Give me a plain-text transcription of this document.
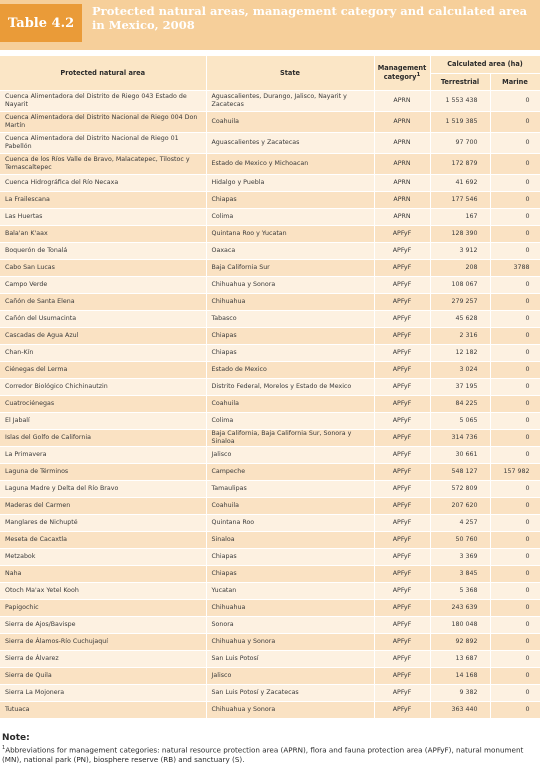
Table 4.2
Protected natural areas, management category and calculated area in Mexico, 2008
Protected natural area	State	Management category$^1$	Calculated area (ha)	
			Terrestrial	Marine
Cuenca Alimentadora del Distrito de Riego 043 Estado de Nayarit	Aguascalientes, Durango, Jalisco, Nayarit y Zacatecas	APRN	1 553 438	0
Cuenca Alimentadora del Distrito Nacional de Riego 004 Don Martín	Coahuila	APRN	1 519 385	0
Cuenca Alimentadora del Distrito Nacional de Riego 01 Pabellón	Aguascalientes y Zacatecas	APRN	97 700	0
Cuenca de los Ríos Valle de Bravo, Malacatepec, Tilostoc y Temascaltepec	Estado de Mexico y Michoacan	APRN	172 879	0
Cuenca Hidrográfica del Río Necaxa	Hidalgo y Puebla	APRN	41 692	0
La Frailescana	Chiapas	APRN	177 546	0
Las Huertas	Colima	APRN	167	0
Bala'an K'aax	Quintana Roo y Yucatan	APFyF	128 390	0
Boquerón de Tonalá	Oaxaca	APFyF	3 912	0
Cabo San Lucas	Baja California Sur	APFyF	208	3788
Campo Verde	Chihuahua y Sonora	APFyF	108 067	0
Cañón de Santa Elena	Chihuahua	APFyF	279 257	0
Cañón del Usumacinta	Tabasco	APFyF	45 628	0
Cascadas de Agua Azul	Chiapas	APFyF	2 316	0
Chan-Kín	Chiapas	APFyF	12 182	0
Ciénegas del Lerma	Estado de Mexico	APFyF	3 024	0
Corredor Biológico Chichinautzin	Distrito Federal, Morelos y Estado de Mexico	APFyF	37 195	0
Cuatrociénegas	Coahuila	APFyF	84 225	0
El Jabalí	Colima	APFyF	5 065	0
Islas del Golfo de California	Baja California, Baja California Sur, Sonora y Sinaloa	APFyF	314 736	0
La Primavera	Jalisco	APFyF	30 661	0
Laguna de Términos	Campeche	APFyF	548 127	157 982
Laguna Madre y Delta del Río Bravo	Tamaulipas	APFyF	572 809	0
Maderas del Carmen	Coahuila	APFyF	207 620	0
Manglares de Nichupté	Quintana Roo	APFyF	4 257	0
Meseta de Cacaxtla	Sinaloa	APFyF	50 760	0
Metzabok	Chiapas	APFyF	3 369	0
Naha	Chiapas	APFyF	3 845	0
Otoch Ma'ax Yetel Kooh	Yucatan	APFyF	5 368	0
Papigochic	Chihuahua	APFyF	243 639	0
Sierra de Ajos/Bavispe	Sonora	APFyF	180 048	0
Sierra de Álamos-Río Cuchujaquí	Chihuahua y Sonora	APFyF	92 892	0
Sierra de Álvarez	San Luis Potosí	APFyF	13 687	0
Sierra de Quila	Jalisco	APFyF	14 168	0
Sierra La Mojonera	San Luis Potosí y Zacatecas	APFyF	9 382	0
Tutuaca	Chihuahua y Sonora	APFyF	363 440	0
Note:
$^1$Abbreviations for management categories: natural resource protection area (APRN), flora and fauna protection area (APFyF), natural monument (MN), national park (PN), biosphere reserve (RB) and sanctuary (S).
